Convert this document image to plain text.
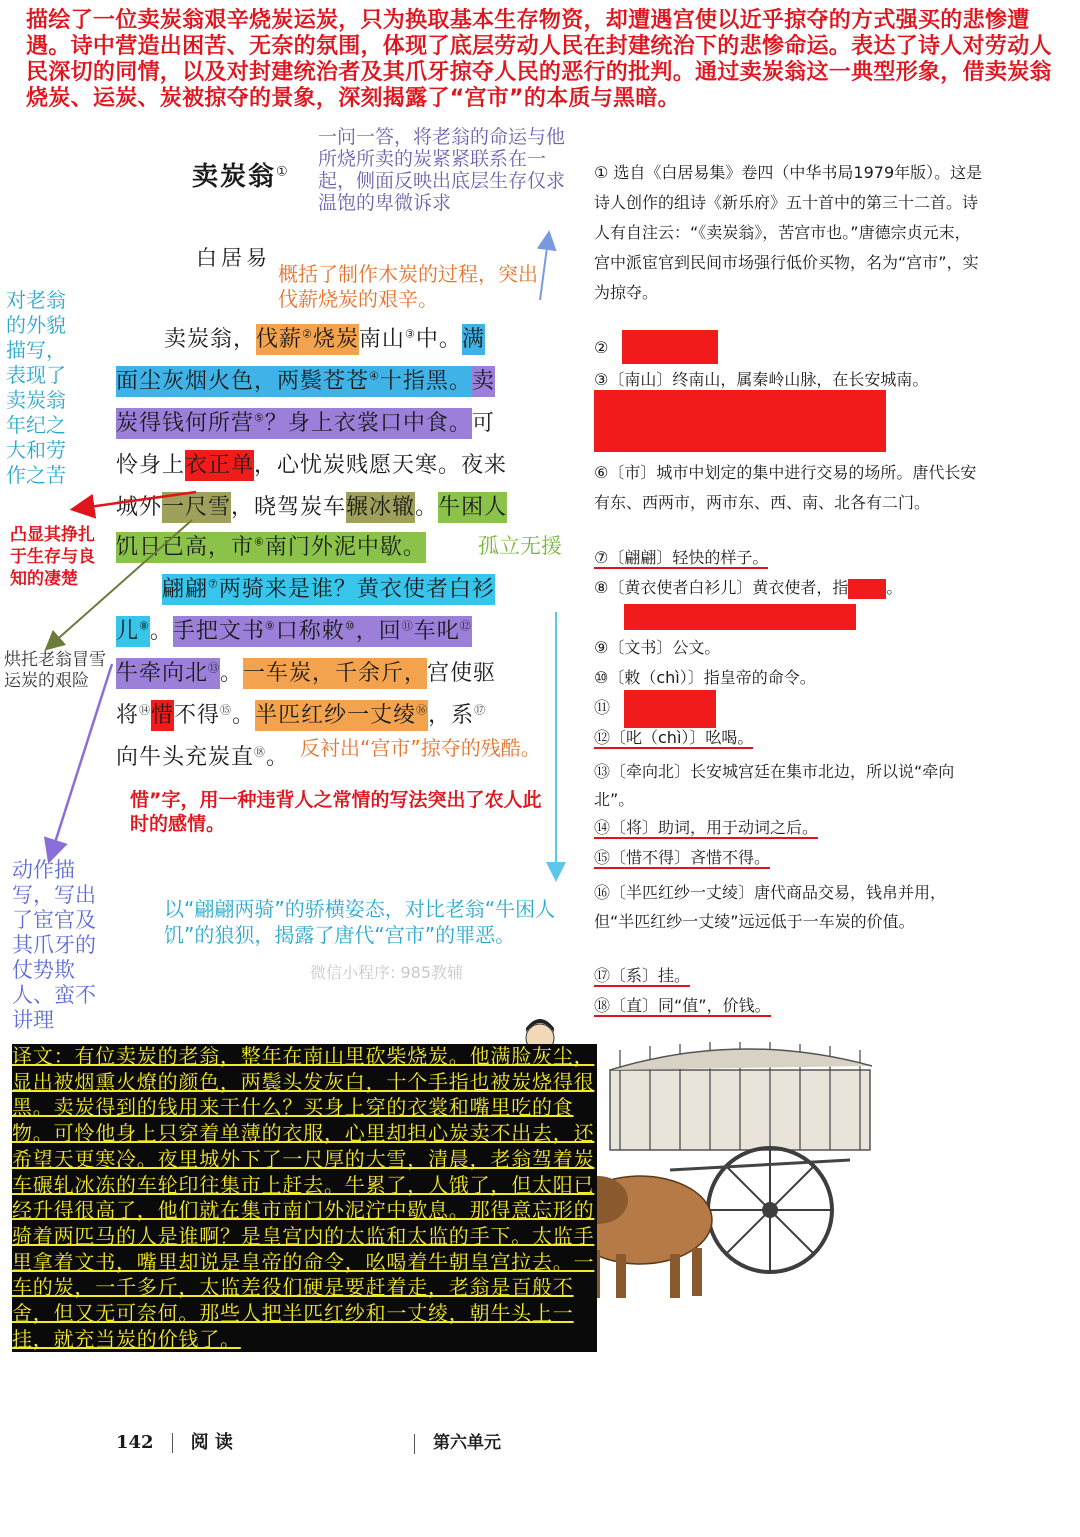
描绘了一位卖炭翁艰辛烧炭运炭，只为换取基本生存物资，却遭遇宫使以近乎掠夺的方式强买的悲惨遭遇。诗中营造出困苦、无奈的氛围，体现了底层劳动人民在封建统治下的悲惨命运。表达了诗人对劳动人民深切的同情，以及对封建统治者及其爪牙掠夺人民的恶行的批判。通过卖炭翁这一典型形象，借卖炭翁烧炭、运炭、炭被掠夺的景象，深刻揭露了“宫市”的本质与黑暗。
卖炭翁①
一问一答，将老翁的命运与他所烧所卖的炭紧紧联系在一起，侧面反映出底层生存仅求温饱的卑微诉求
白居易
概括了制作木炭的过程，突出伐薪烧炭的艰辛。
卖炭翁，伐薪②烧炭南山③中。满
面尘灰烟火色，两鬓苍苍④十指黑。卖
炭得钱何所营⑤？身上衣裳口中食。可
怜身上衣正单，心忧炭贱愿天寒。夜来
城外一尺雪，晓驾炭车辗冰辙。牛困人
饥日已高，市⑥南门外泥中歇。 孤立无援
翩翩⑦两骑来是谁？黄衣使者白衫
儿⑧。手把文书⑨口称敕⑩，回⑪车叱⑫
牛牵向北⑬。一车炭，千余斤，宫使驱
将⑭惜不得⑮。半匹红纱一丈绫⑯，系⑰
向牛头充炭直⑱。 反衬出“宫市”掠夺的残酷。
惜”字，用一种违背人之常情的写法突出了农人此时的感情。
以“翩翩两骑”的骄横姿态，对比老翁“牛困人饥”的狼狈，揭露了唐代“宫市”的罪恶。
微信小程序: 985教辅
对老翁的外貌描写，表现了卖炭翁年纪之大和劳作之苦
凸显其挣扎于生存与良知的凄楚
烘托老翁冒雪运炭的艰险
动作描写，写出了宦官及其爪牙的仗势欺人、蛮不讲理
① 选自《白居易集》卷四（中华书局1979年版）。这是诗人创作的组诗《新乐府》五十首中的第三十二首。诗人有自注云：“《卖炭翁》，苦宫市也。”唐德宗贞元末，宫中派宦官到民间市场强行低价买物，名为“宫市”，实为掠夺。
②
③〔南山〕终南山，属秦岭山脉，在长安城南。
⑥〔市〕城市中划定的集中进行交易的场所。唐代长安有东、西两市，两市东、西、南、北各有二门。
⑦〔翩翩〕轻快的样子。
⑧〔黄衣使者白衫儿〕黄衣使者，指 。
⑨〔文书〕公文。
⑩〔敕（chì）〕指皇帝的命令。
⑪
⑫〔叱（chì）〕吆喝。
⑬〔牵向北〕长安城宫廷在集市北边，所以说“牵向北”。
⑭〔将〕助词，用于动词之后。
⑮〔惜不得〕吝惜不得。
⑯〔半匹红纱一丈绫〕唐代商品交易，钱帛并用，但“半匹红纱一丈绫”远远低于一车炭的价值。
⑰〔系〕挂。
⑱〔直〕同“值”，价钱。
译文：有位卖炭的老翁，整年在南山里砍柴烧炭。他满脸灰尘，显出被烟熏火燎的颜色，两鬓头发灰白，十个手指也被炭烧得很黑。卖炭得到的钱用来干什么？买身上穿的衣裳和嘴里吃的食物。可怜他身上只穿着单薄的衣服，心里却担心炭卖不出去，还希望天更寒冷。夜里城外下了一尺厚的大雪，清晨，老翁驾着炭车碾轧冰冻的车轮印往集市上赶去。牛累了，人饿了，但太阳已经升得很高了，他们就在集市南门外泥泞中歇息。那得意忘形的骑着两匹马的人是谁啊？是皇宫内的太监和太监的手下。太监手里拿着文书，嘴里却说是皇帝的命令，吆喝着牛朝皇宫拉去。一车的炭，一千多斤，太监差役们硬是要赶着走，老翁是百般不舍，但又无可奈何。那些人把半匹红纱和一丈绫，朝牛头上一挂，就充当炭的价钱了。
142 阅 读	第六单元
